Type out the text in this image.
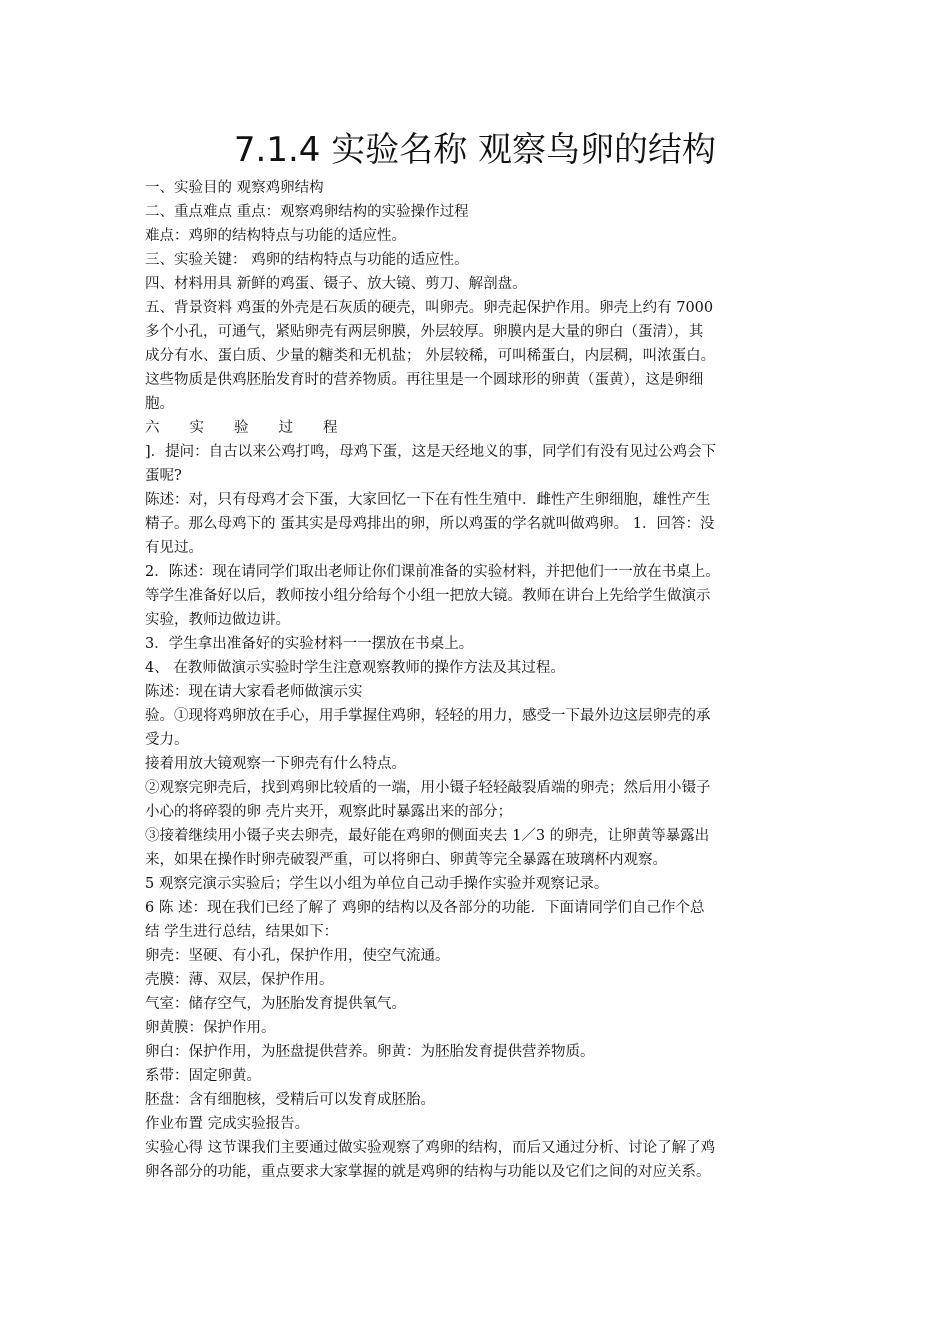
7.1.4 实验名称 观察鸟卵的结构

一、实验目的 观察鸡卵结构

二、重点难点 重点：观察鸡卵结构的实验操作过程

难点：鸡卵的结构特点与功能的适应性。

三、实验关键： 鸡卵的结构特点与功能的适应性。

四、材料用具 新鲜的鸡蛋、镊子、放大镜、剪刀、解剖盘。

五、背景资料 鸡蛋的外壳是石灰质的硬壳，叫卵壳。卵壳起保护作用。卵壳上约有 7000

多个小孔，可通气，紧贴卵壳有两层卵膜，外层较厚。卵膜内是大量的卵白（蛋清），其

成分有水、蛋白质、少量的糖类和无机盐； 外层较稀，可叫稀蛋白，内层稠，叫浓蛋白。

这些物质是供鸡胚胎发育时的营养物质。再往里是一个圆球形的卵黄（蛋黄），这是卵细

胞。

六实验过程

]．提问：自古以来公鸡打鸣，母鸡下蛋，这是天经地义的事，同学们有没有见过公鸡会下

蛋呢?

陈述：对，只有母鸡才会下蛋，大家回忆一下在有性生殖中．雌性产生卵细胞，雄性产生

精子。那么母鸡下的 蛋其实是母鸡排出的卵，所以鸡蛋的学名就叫做鸡卵。 1．回答：没

有见过。

2．陈述：现在请同学们取出老师让你们课前准备的实验材料，并把他们一一放在书桌上。

等学生准备好以后，教师按小组分给每个小组一把放大镜。教师在讲台上先给学生做演示

实验，教师边做边讲。

3．学生拿出准备好的实验材料一一摆放在书桌上。

4、 在教师做演示实验时学生注意观察教师的操作方法及其过程。

陈述：现在请大家看老师做演示实

验。①现将鸡卵放在手心，用手掌握住鸡卵，轻轻的用力，感受一下最外边这层卵壳的承

受力。

接着用放大镜观察一下卵壳有什么特点。

②观察完卵壳后，找到鸡卵比较盾的一端，用小镊子轻轻敲裂盾端的卵壳；然后用小镊子

小心的将碎裂的卵 壳片夹开，观察此时暴露出来的部分；

③接着继续用小镊子夹去卵壳，最好能在鸡卵的侧面夹去 1／3 的卵壳，让卵黄等暴露出

来，如果在操作时卵壳破裂严重，可以将卵白、卵黄等完全暴露在玻璃杯内观察。

5 观察完演示实验后；学生以小组为单位自己动手操作实验并观察记录。

6 陈 述：现在我们已经了解了 鸡卵的结构以及各部分的功能．下面请同学们自己作个总

结 学生进行总结，结果如下：

卵壳：坚硬、有小孔，保护作用，使空气流通。

壳膜：薄、双层，保护作用。

气室：储存空气，为胚胎发育提供氧气。

卵黄膜：保护作用。

卵白：保护作用，为胚盘提供营养。卵黄：为胚胎发育提供营养物质。

系带：固定卵黄。

胚盘：含有细胞核，受精后可以发育成胚胎。

作业布置 完成实验报告。

实验心得 这节课我们主要通过做实验观察了鸡卵的结构，而后又通过分析、讨论了解了鸡

卵各部分的功能，重点要求大家掌握的就是鸡卵的结构与功能以及它们之间的对应关系。
